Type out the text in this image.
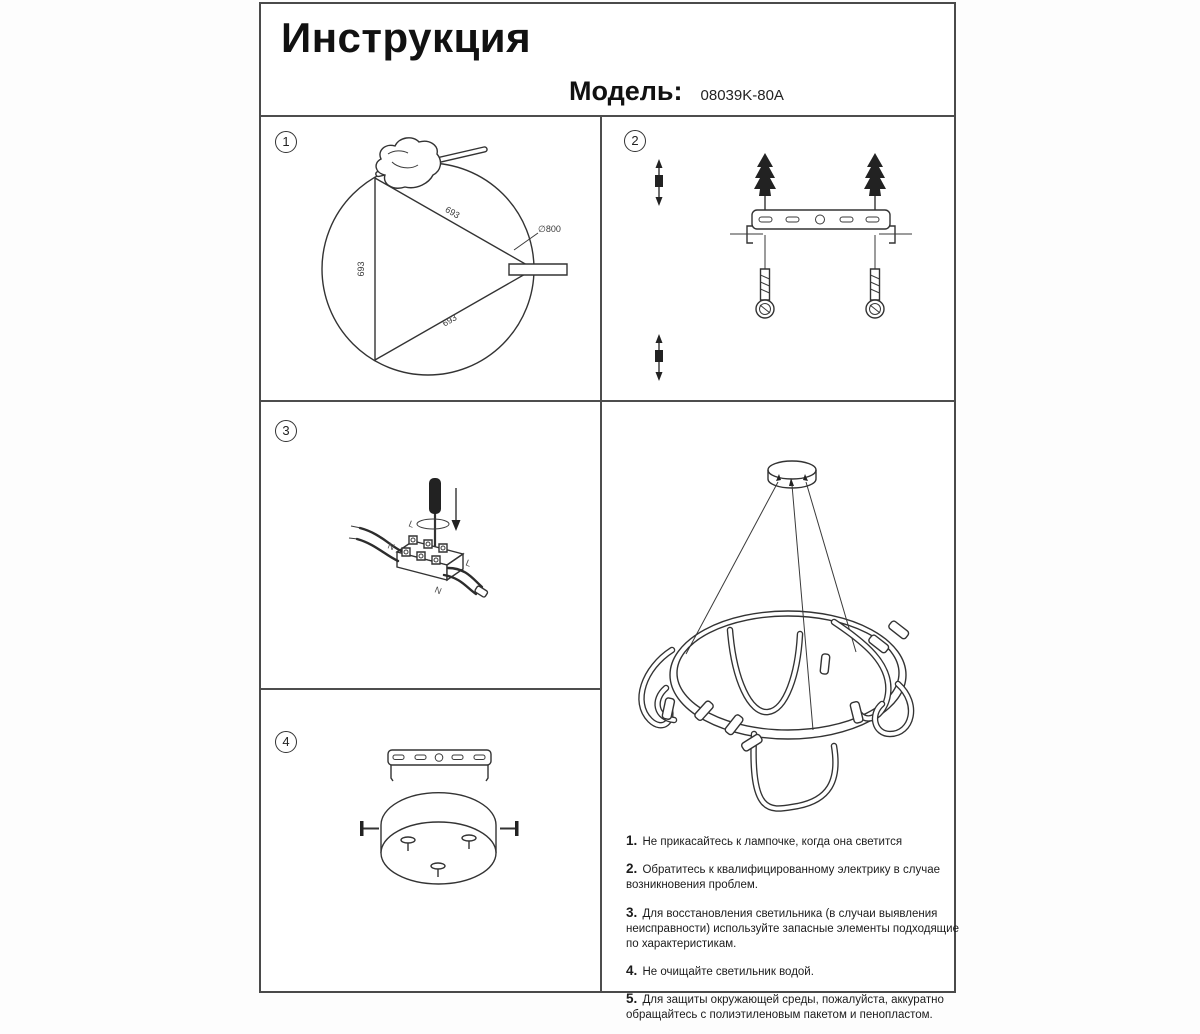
Инструкция
Модель: 08039K-80A
1
∅800
693
693
693
2
3
L
N
L
N
4
1. Не прикасайтесь к лампочке, когда она светится
2. Обратитесь к квалифицированному электрику в случае возникновения проблем.
3. Для восстановления светильника (в случаи выявления неисправности) используйте запасные элементы подходящие по характеристикам.
4. Не очищайте светильник водой.
5. Для защиты окружающей среды, пожалуйста, аккуратно обращайтесь с полиэтиленовым пакетом и пенопластом.
